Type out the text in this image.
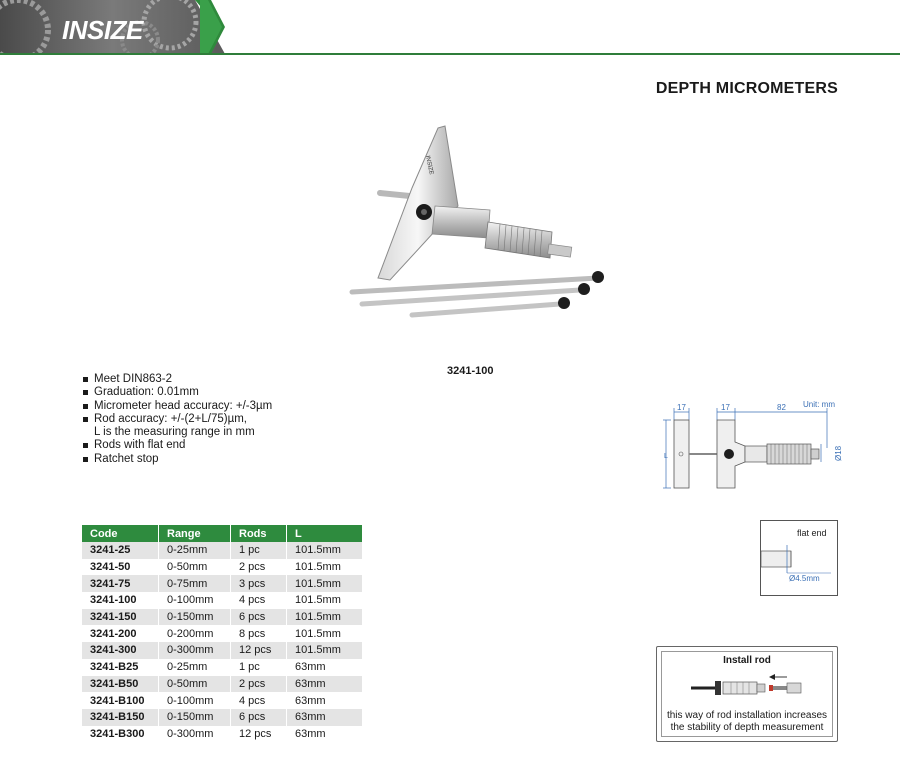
INSIZE
DEPTH MICROMETERS
INSIZE
3241-100
Meet DIN863-2
Graduation: 0.01mm
Micrometer head accuracy: +/-3µm
Rod accuracy: +/-(2+L/75)µm,
L is the measuring range in mm
Rods with flat end
Ratchet stop
Code	Range	Rods	L
3241-25	0-25mm	1 pc	101.5mm
3241-50	0-50mm	2 pcs	101.5mm
3241-75	0-75mm	3 pcs	101.5mm
3241-100	0-100mm	4 pcs	101.5mm
3241-150	0-150mm	6 pcs	101.5mm
3241-200	0-200mm	8 pcs	101.5mm
3241-300	0-300mm	12 pcs	101.5mm
3241-B25	0-25mm	1 pc	63mm
3241-B50	0-50mm	2 pcs	63mm
3241-B100	0-100mm	4 pcs	63mm
3241-B150	0-150mm	6 pcs	63mm
3241-B300	0-300mm	12 pcs	63mm
17	17	82 Unit: mm
L	Ø18
flat end
Ø4.5mm
Install rod
this way of rod installation increases
the stability of depth measurement
